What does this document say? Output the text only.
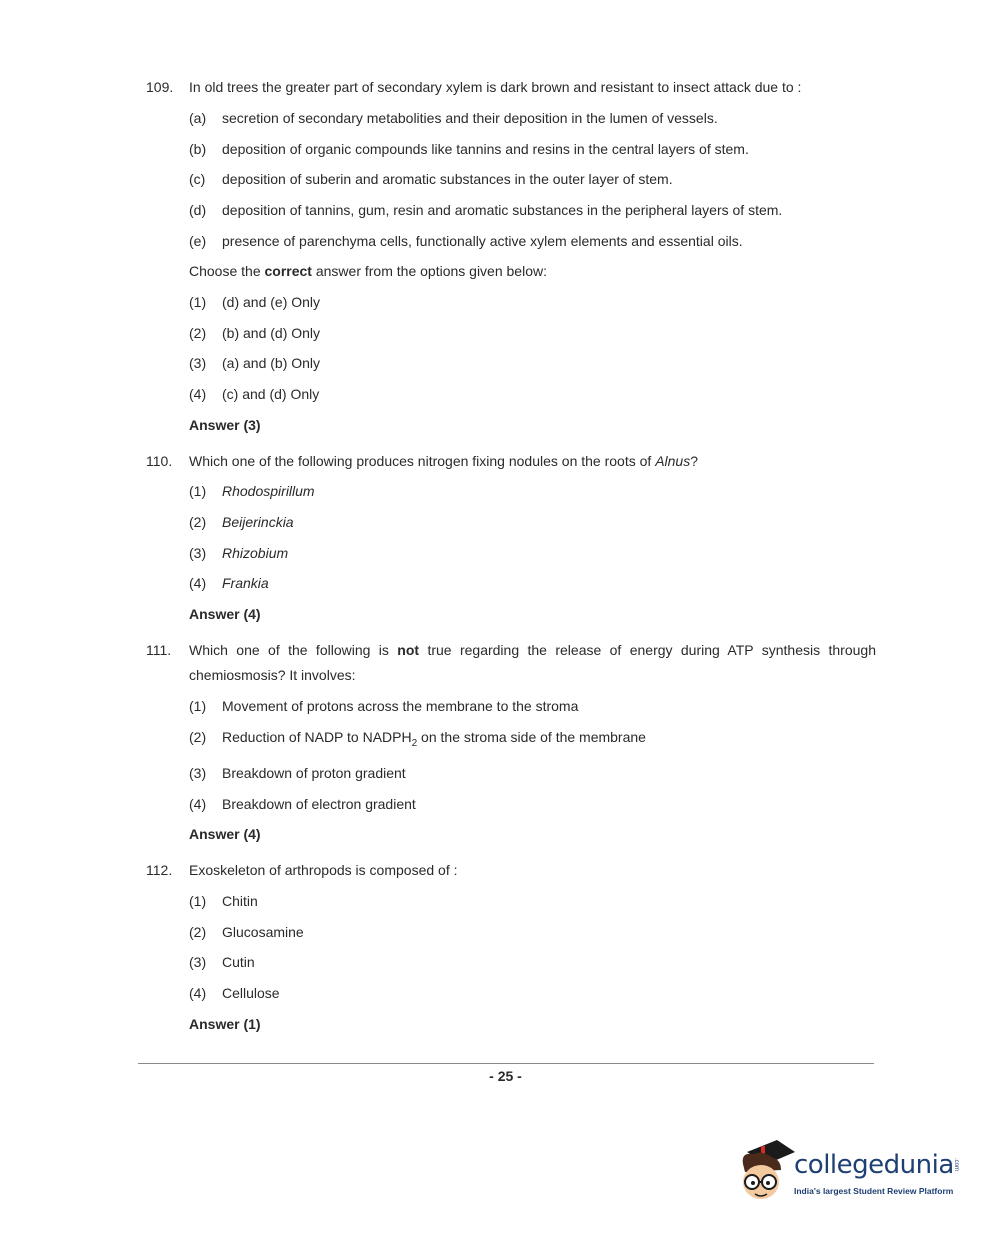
109. In old trees the greater part of secondary xylem is dark brown and resistant to insect attack due to :
(a) secretion of secondary metabolities and their deposition in the lumen of vessels.
(b) deposition of organic compounds like tannins and resins in the central layers of stem.
(c) deposition of suberin and aromatic substances in the outer layer of stem.
(d) deposition of tannins, gum, resin and aromatic substances in the peripheral layers of stem.
(e) presence of parenchyma cells, functionally active xylem elements and essential oils.
Choose the correct answer from the options given below:
(1) (d) and (e) Only
(2) (b) and (d) Only
(3) (a) and (b) Only
(4) (c) and (d) Only
Answer (3)
110. Which one of the following produces nitrogen fixing nodules on the roots of Alnus?
(1) Rhodospirillum
(2) Beijerinckia
(3) Rhizobium
(4) Frankia
Answer (4)
111. Which one of the following is not true regarding the release of energy during ATP synthesis through
chemiosmosis? It involves:
(1) Movement of protons across the membrane to the stroma
(2) Reduction of NADP to $NADPH_2$ on the stroma side of the membrane
(3) Breakdown of proton gradient
(4) Breakdown of electron gradient
Answer (4)
112. Exoskeleton of arthropods is composed of :
(1) Chitin
(2) Glucosamine
(3) Cutin
(4) Cellulose
Answer (1)
- 25 -
collegedunia .com
India's largest Student Review Platform
